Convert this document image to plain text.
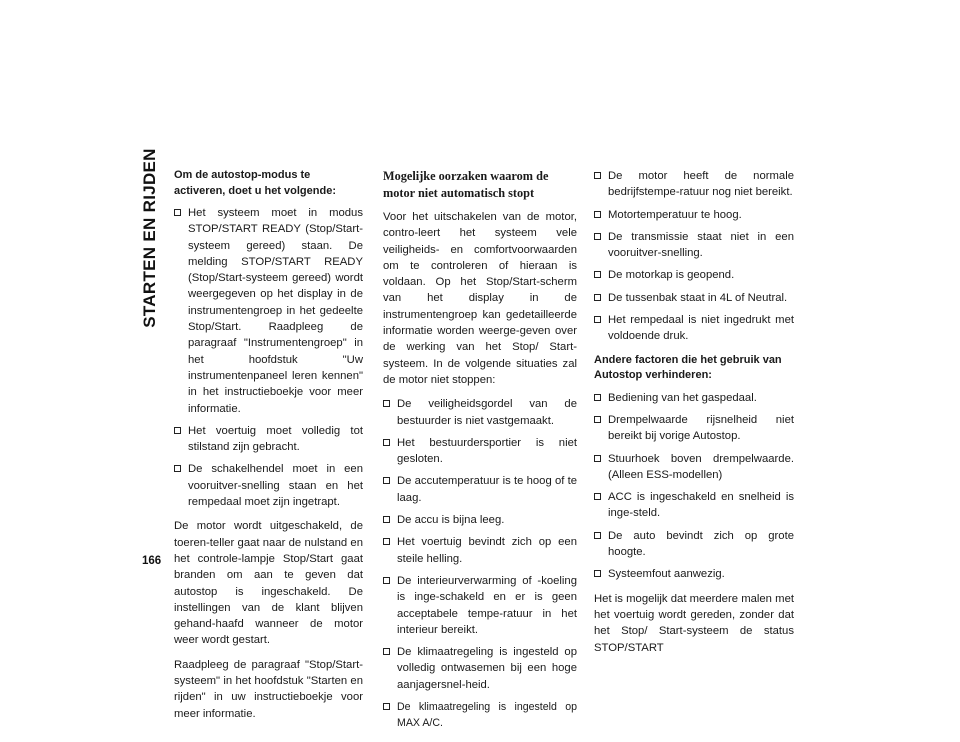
STARTEN EN RIJDEN
166
Om de autostop-modus te activeren, doet u het volgende:
Het systeem moet in modus STOP/START READY (Stop/Start-systeem gereed) staan. De melding STOP/START READY (Stop/Start-systeem gereed) wordt weergegeven op het display in de instrumentengroep in het gedeelte Stop/Start. Raadpleeg de paragraaf "Instrumentengroep" in het hoofdstuk "Uw instrumentenpaneel leren kennen" in het instructieboekje voor meer informatie.
Het voertuig moet volledig tot stilstand zijn gebracht.
De schakelhendel moet in een vooruitver-snelling staan en het rempedaal moet zijn ingetrapt.

De motor wordt uitgeschakeld, de toeren-teller gaat naar de nulstand en het controle-lampje Stop/Start gaat branden om aan te geven dat autostop is ingeschakeld. De instellingen van de klant blijven gehand-haafd wanneer de motor weer wordt gestart.

Raadpleeg de paragraaf "Stop/Start-systeem" in het hoofdstuk "Starten en rijden" in uw instructieboekje voor meer informatie.

Mogelijke oorzaken waarom de motor niet automatisch stopt

Voor het uitschakelen van de motor, contro-leert het systeem vele veiligheids- en comfortvoorwaarden om te controleren of hieraan is voldaan. Op het Stop/Start-scherm van het display in de instrumentengroep kan gedetailleerde informatie worden weerge-geven over de werking van het Stop/ Start-systeem. In de volgende situaties zal de motor niet stoppen:

De veiligheidsgordel van de bestuurder is niet vastgemaakt.
Het bestuurdersportier is niet gesloten.
De accutemperatuur is te hoog of te laag.
De accu is bijna leeg.
Het voertuig bevindt zich op een steile helling.
De interieurverwarming of -koeling is inge-schakeld en er is geen acceptabele tempe-ratuur in het interieur bereikt.
De klimaatregeling is ingesteld op volledig ontwasemen bij een hoge aanjagersnel-heid.
De klimaatregeling is ingesteld op MAX A/C.
De motor heeft de normale bedrijfstempe-ratuur nog niet bereikt.
Motortemperatuur te hoog.
De transmissie staat niet in een vooruitver-snelling.
De motorkap is geopend.
De tussenbak staat in 4L of Neutral.
Het rempedaal is niet ingedrukt met voldoende druk.
Andere factoren die het gebruik van Autostop verhinderen:
Bediening van het gaspedaal.
Drempelwaarde rijsnelheid niet bereikt bij vorige Autostop.
Stuurhoek boven drempelwaarde. (Alleen ESS-modellen)
ACC is ingeschakeld en snelheid is inge-steld.
De auto bevindt zich op grote hoogte.
Systeemfout aanwezig.

Het is mogelijk dat meerdere malen met het voertuig wordt gereden, zonder dat het Stop/ Start-systeem de status STOP/START
